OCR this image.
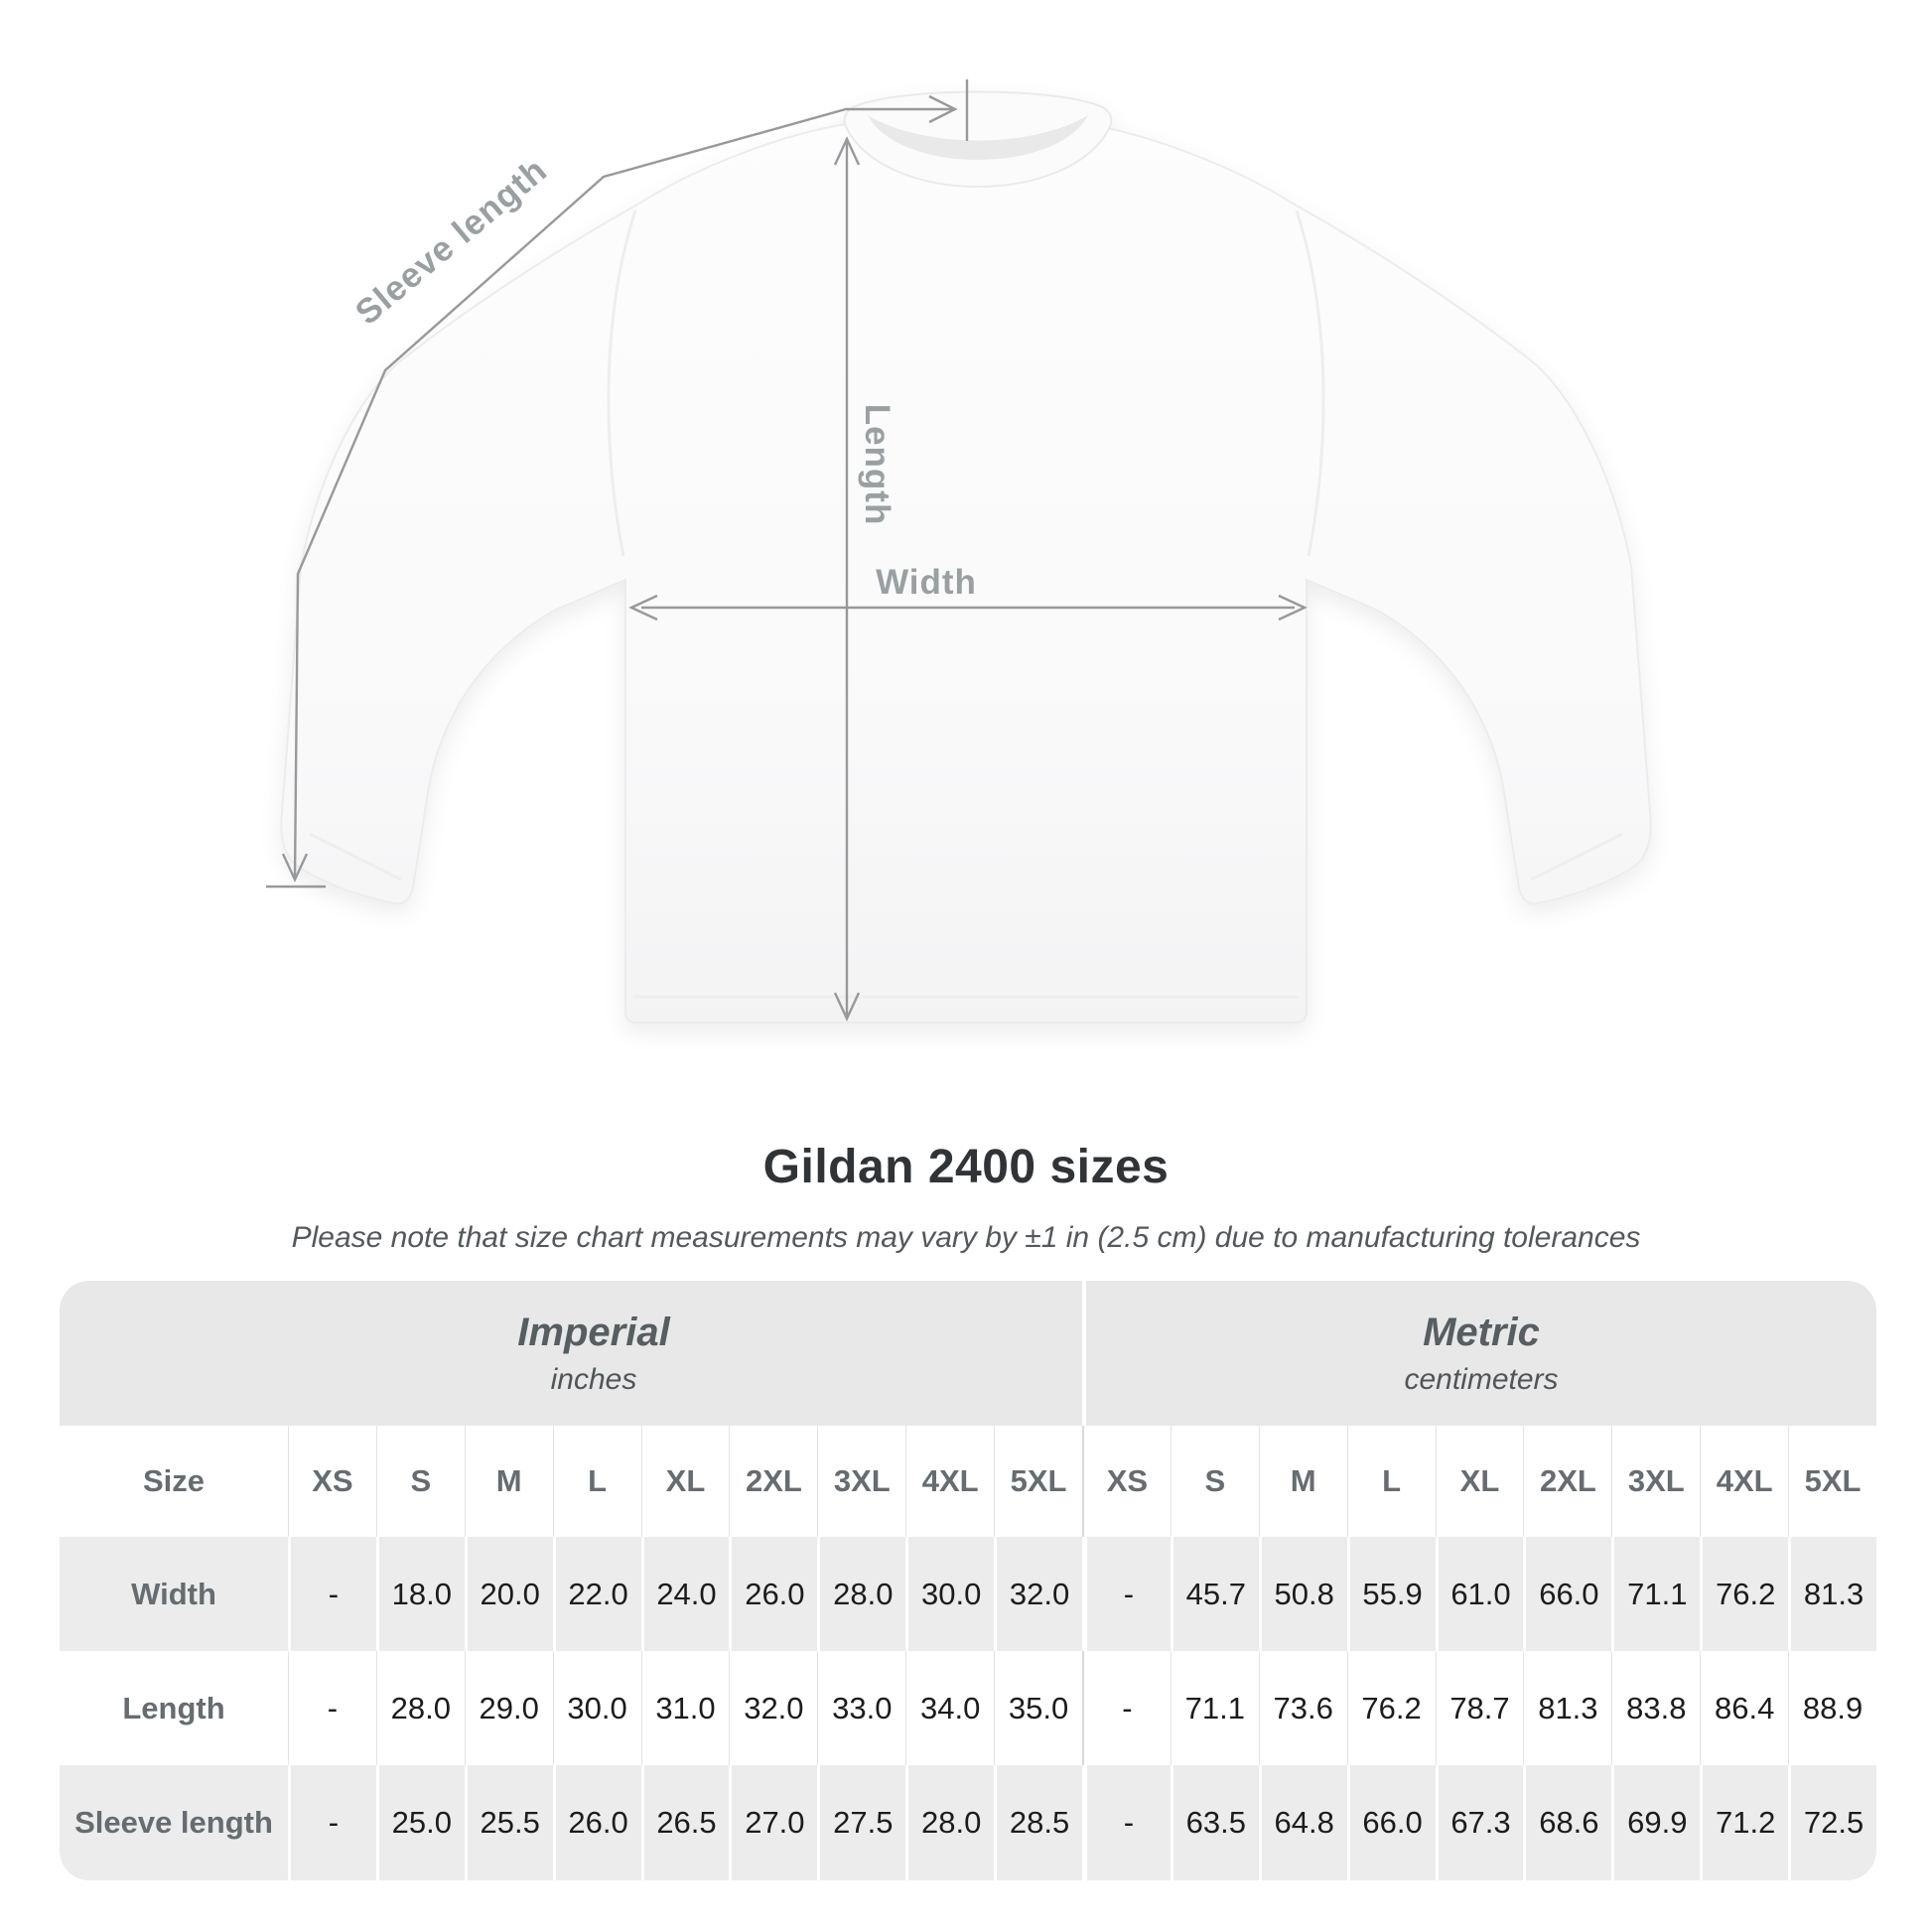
Sleeve length
Length
Width
Gildan 2400 sizes
Please note that size chart measurements may vary by ±1 in (2.5 cm) due to manufacturing tolerances
Imperial
inches
Metric
centimeters
Size	XS	S	M	L	XL	2XL	3XL	4XL	5XL	XS	S	M	L	XL	2XL	3XL	4XL	5XL
Width	-	18.0 20.0 22.0 24.0 26.0 28.0 30.0 32.0	-	45.7 50.8 55.9 61.0 66.0 71.1 76.2 81.3
Length	-	28.0 29.0 30.0 31.0 32.0 33.0 34.0 35.0	-	71.1 73.6 76.2 78.7 81.3 83.8 86.4 88.9
Sleeve length	-	25.0 25.5 26.0 26.5 27.0 27.5 28.0 28.5	-	63.5 64.8 66.0 67.3 68.6 69.9 71.2 72.5
